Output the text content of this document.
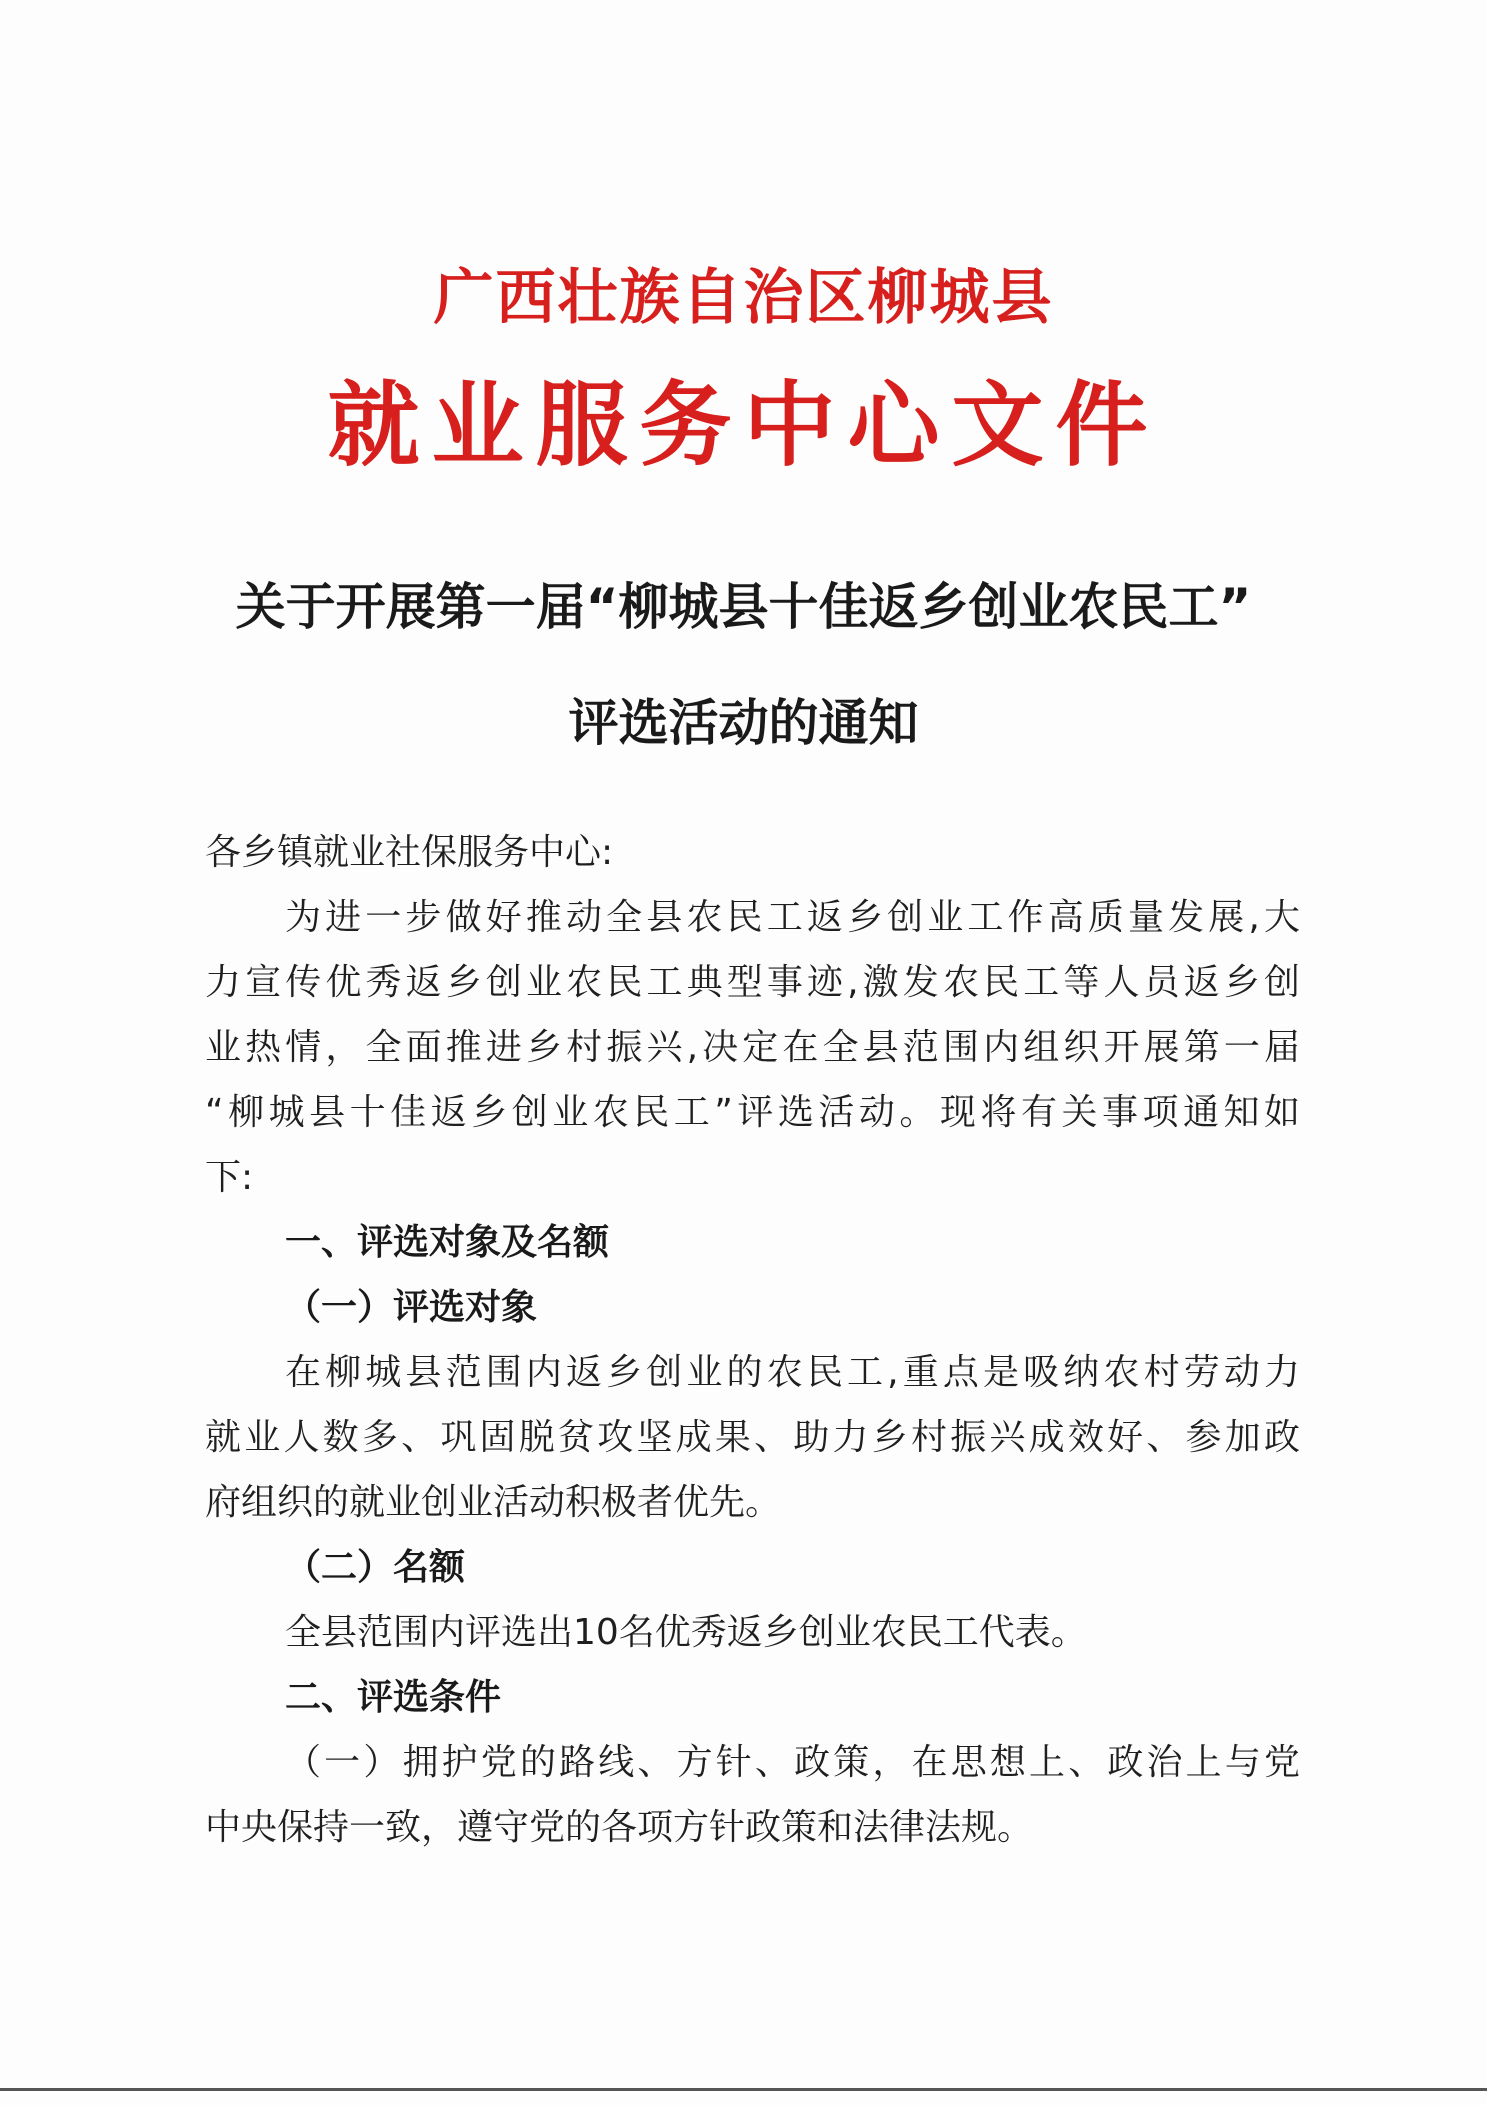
广西壮族自治区柳城县
就业服务中心文件
关于开展第一届“柳城县十佳返乡创业农民工”
评选活动的通知
各乡镇就业社保服务中心:
为进一步做好推动全县农民工返乡创业工作高质量发展,大
力宣传优秀返乡创业农民工典型事迹,激发农民工等人员返乡创
业热情，全面推进乡村振兴,决定在全县范围内组织开展第一届
“柳城县十佳返乡创业农民工”评选活动。现将有关事项通知如
下:
一、评选对象及名额
（一）评选对象
在柳城县范围内返乡创业的农民工,重点是吸纳农村劳动力
就业人数多、巩固脱贫攻坚成果、助力乡村振兴成效好、参加政
府组织的就业创业活动积极者优先。
（二）名额
全县范围内评选出10名优秀返乡创业农民工代表。
二、评选条件
（一）拥护党的路线、方针、政策，在思想上、政治上与党
中央保持一致，遵守党的各项方针政策和法律法规。
